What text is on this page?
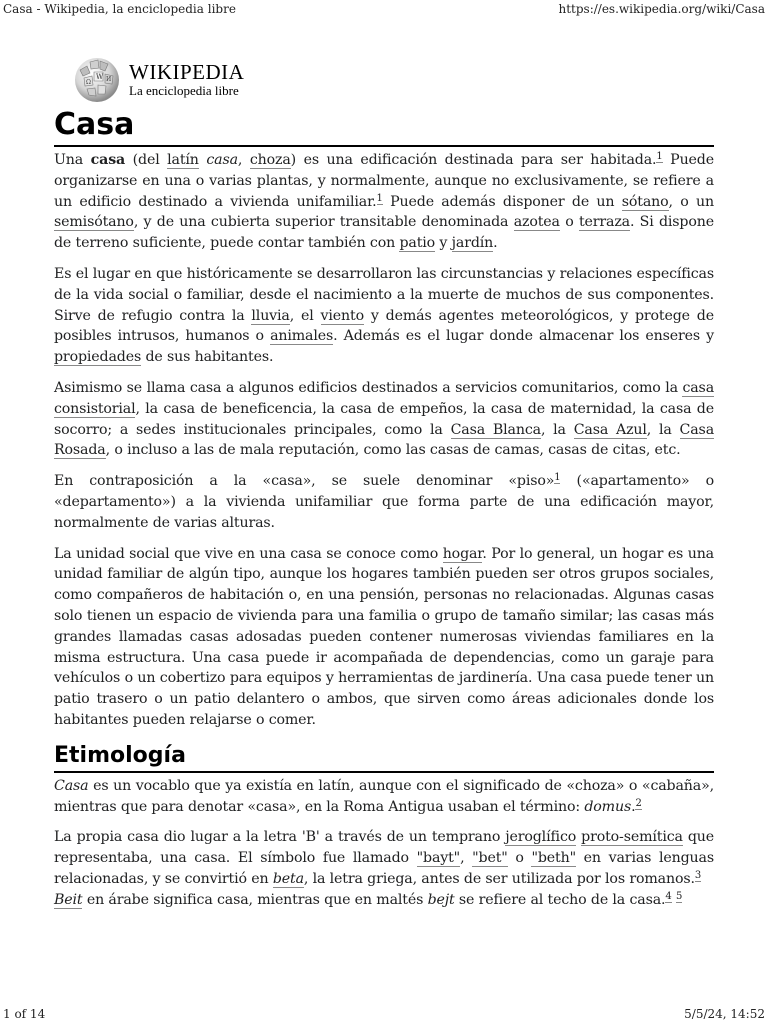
Casa - Wikipedia, la enciclopedia libre	https://es.wikipedia.org/wiki/Casa
W
Ω	И WIKIPEDIA
La enciclopedia libre
Casa

Una casa (del latín casa, choza) es una edificación destinada para ser habitada.$^1$ Puede organizarse en una o varias plantas, y normalmente, aunque no exclusivamente, se refiere a un edificio destinado a vivienda unifamiliar.$^1$ Puede además disponer de un sótano, o un semisótano, y de una cubierta superior transitable denominada azotea o terraza. Si dispone de terreno suficiente, puede contar también con patio y jardín.

Es el lugar en que históricamente se desarrollaron las circunstancias y relaciones específicas de la vida social o familiar, desde el nacimiento a la muerte de muchos de sus componentes. Sirve de refugio contra la lluvia, el viento y demás agentes meteorológicos, y protege de posibles intrusos, humanos o animales. Además es el lugar donde almacenar los enseres y propiedades de sus habitantes.

Asimismo se llama casa a algunos edificios destinados a servicios comunitarios, como la casa consistorial, la casa de beneficencia, la casa de empeños, la casa de maternidad, la casa de socorro; a sedes institucionales principales, como la Casa Blanca, la Casa Azul, la Casa Rosada, o incluso a las de mala reputación, como las casas de camas, casas de citas, etc.

En contraposición a la «casa», se suele denominar «piso»$^1$ («apartamento» o «departamento») a la vivienda unifamiliar que forma parte de una edificación mayor, normalmente de varias alturas.

La unidad social que vive en una casa se conoce como hogar. Por lo general, un hogar es una unidad familiar de algún tipo, aunque los hogares también pueden ser otros grupos sociales, como compañeros de habitación o, en una pensión, personas no relacionadas. Algunas casas solo tienen un espacio de vivienda para una familia o grupo de tamaño similar; las casas más grandes llamadas casas adosadas pueden contener numerosas viviendas familiares en la misma estructura. Una casa puede ir acompañada de dependencias, como un garaje para vehículos o un cobertizo para equipos y herramientas de jardinería. Una casa puede tener un patio trasero o un patio delantero o ambos, que sirven como áreas adicionales donde los habitantes pueden relajarse o comer.

Etimología

Casa es un vocablo que ya existía en latín, aunque con el significado de «choza» o «cabaña», mientras que para denotar «casa», en la Roma Antigua usaban el término: domus.$^2$

La propia casa dio lugar a la letra 'B' a través de un temprano jeroglífico proto-semítica que representaba, una casa. El símbolo fue llamado "bayt", "bet" o "beth" en varias lenguas relacionadas, y se convirtió en beta, la letra griega, antes de ser utilizada por los romanos.$^3$
Beit en árabe significa casa, mientras que en maltés bejt se refiere al techo de la casa.$^4$ $^5$

1 of 14	5/5/24, 14:52
